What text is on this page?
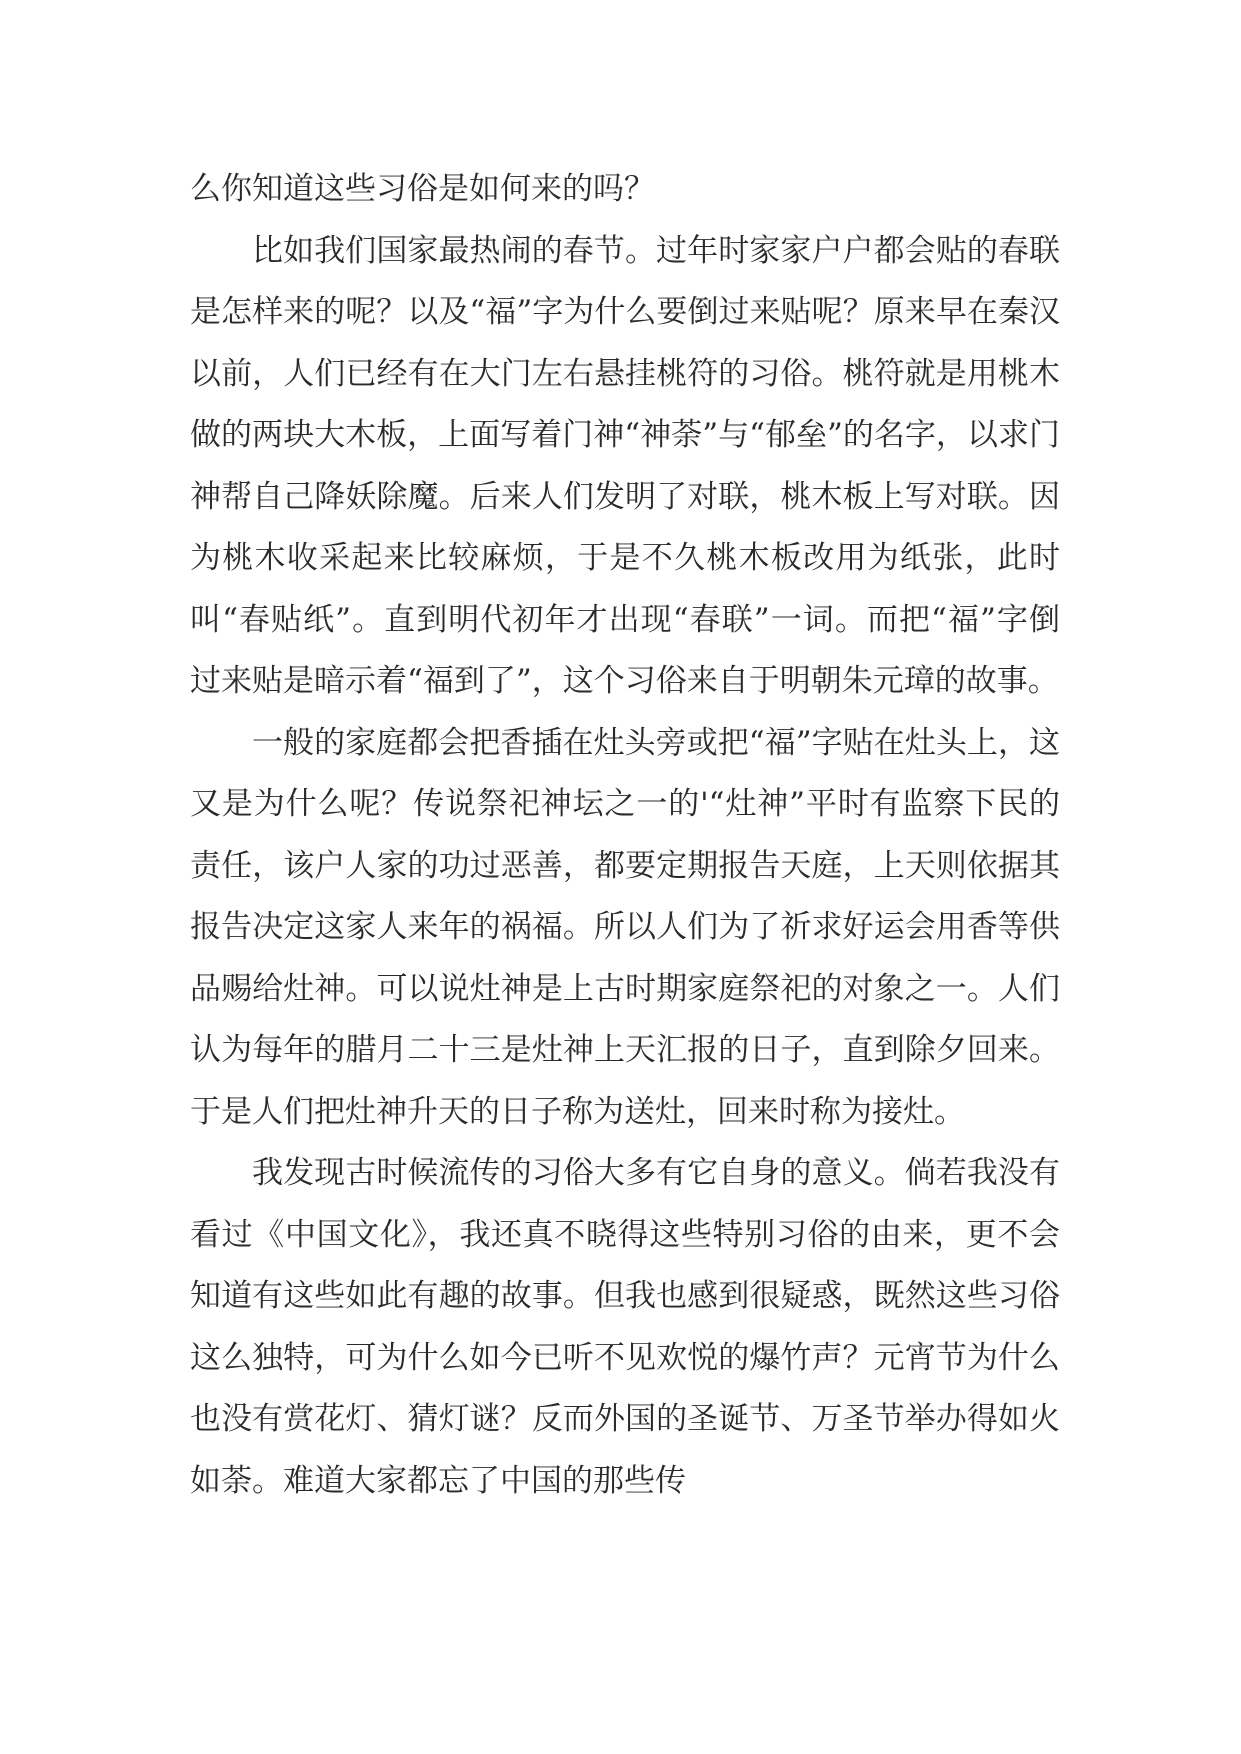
么你知道这些习俗是如何来的吗？

比如我们国家最热闹的春节。过年时家家户户都会贴的春联是怎样来的呢？以及“福”字为什么要倒过来贴呢？原来早在秦汉以前，人们已经有在大门左右悬挂桃符的习俗。桃符就是用桃木做的两块大木板，上面写着门神“神荼”与“郁垒”的名字，以求门神帮自己降妖除魔。后来人们发明了对联，桃木板上写对联。因为桃木收采起来比较麻烦，于是不久桃木板改用为纸张，此时叫“春贴纸”。直到明代初年才出现“春联”一词。而把“福”字倒过来贴是暗示着“福到了”，这个习俗来自于明朝朱元璋的故事。

一般的家庭都会把香插在灶头旁或把“福”字贴在灶头上，这又是为什么呢？传说祭祀神坛之一的'“灶神”平时有监察下民的责任，该户人家的功过恶善，都要定期报告天庭，上天则依据其报告决定这家人来年的祸福。所以人们为了祈求好运会用香等供品赐给灶神。可以说灶神是上古时期家庭祭祀的对象之一。人们认为每年的腊月二十三是灶神上天汇报的日子，直到除夕回来。于是人们把灶神升天的日子称为送灶，回来时称为接灶。

我发现古时候流传的习俗大多有它自身的意义。倘若我没有看过《中国文化》，我还真不晓得这些特别习俗的由来，更不会知道有这些如此有趣的故事。但我也感到很疑惑，既然这些习俗这么独特，可为什么如今已听不见欢悦的爆竹声？元宵节为什么也没有赏花灯、猜灯谜？反而外国的圣诞节、万圣节举办得如火如荼。难道大家都忘了中国的那些传
